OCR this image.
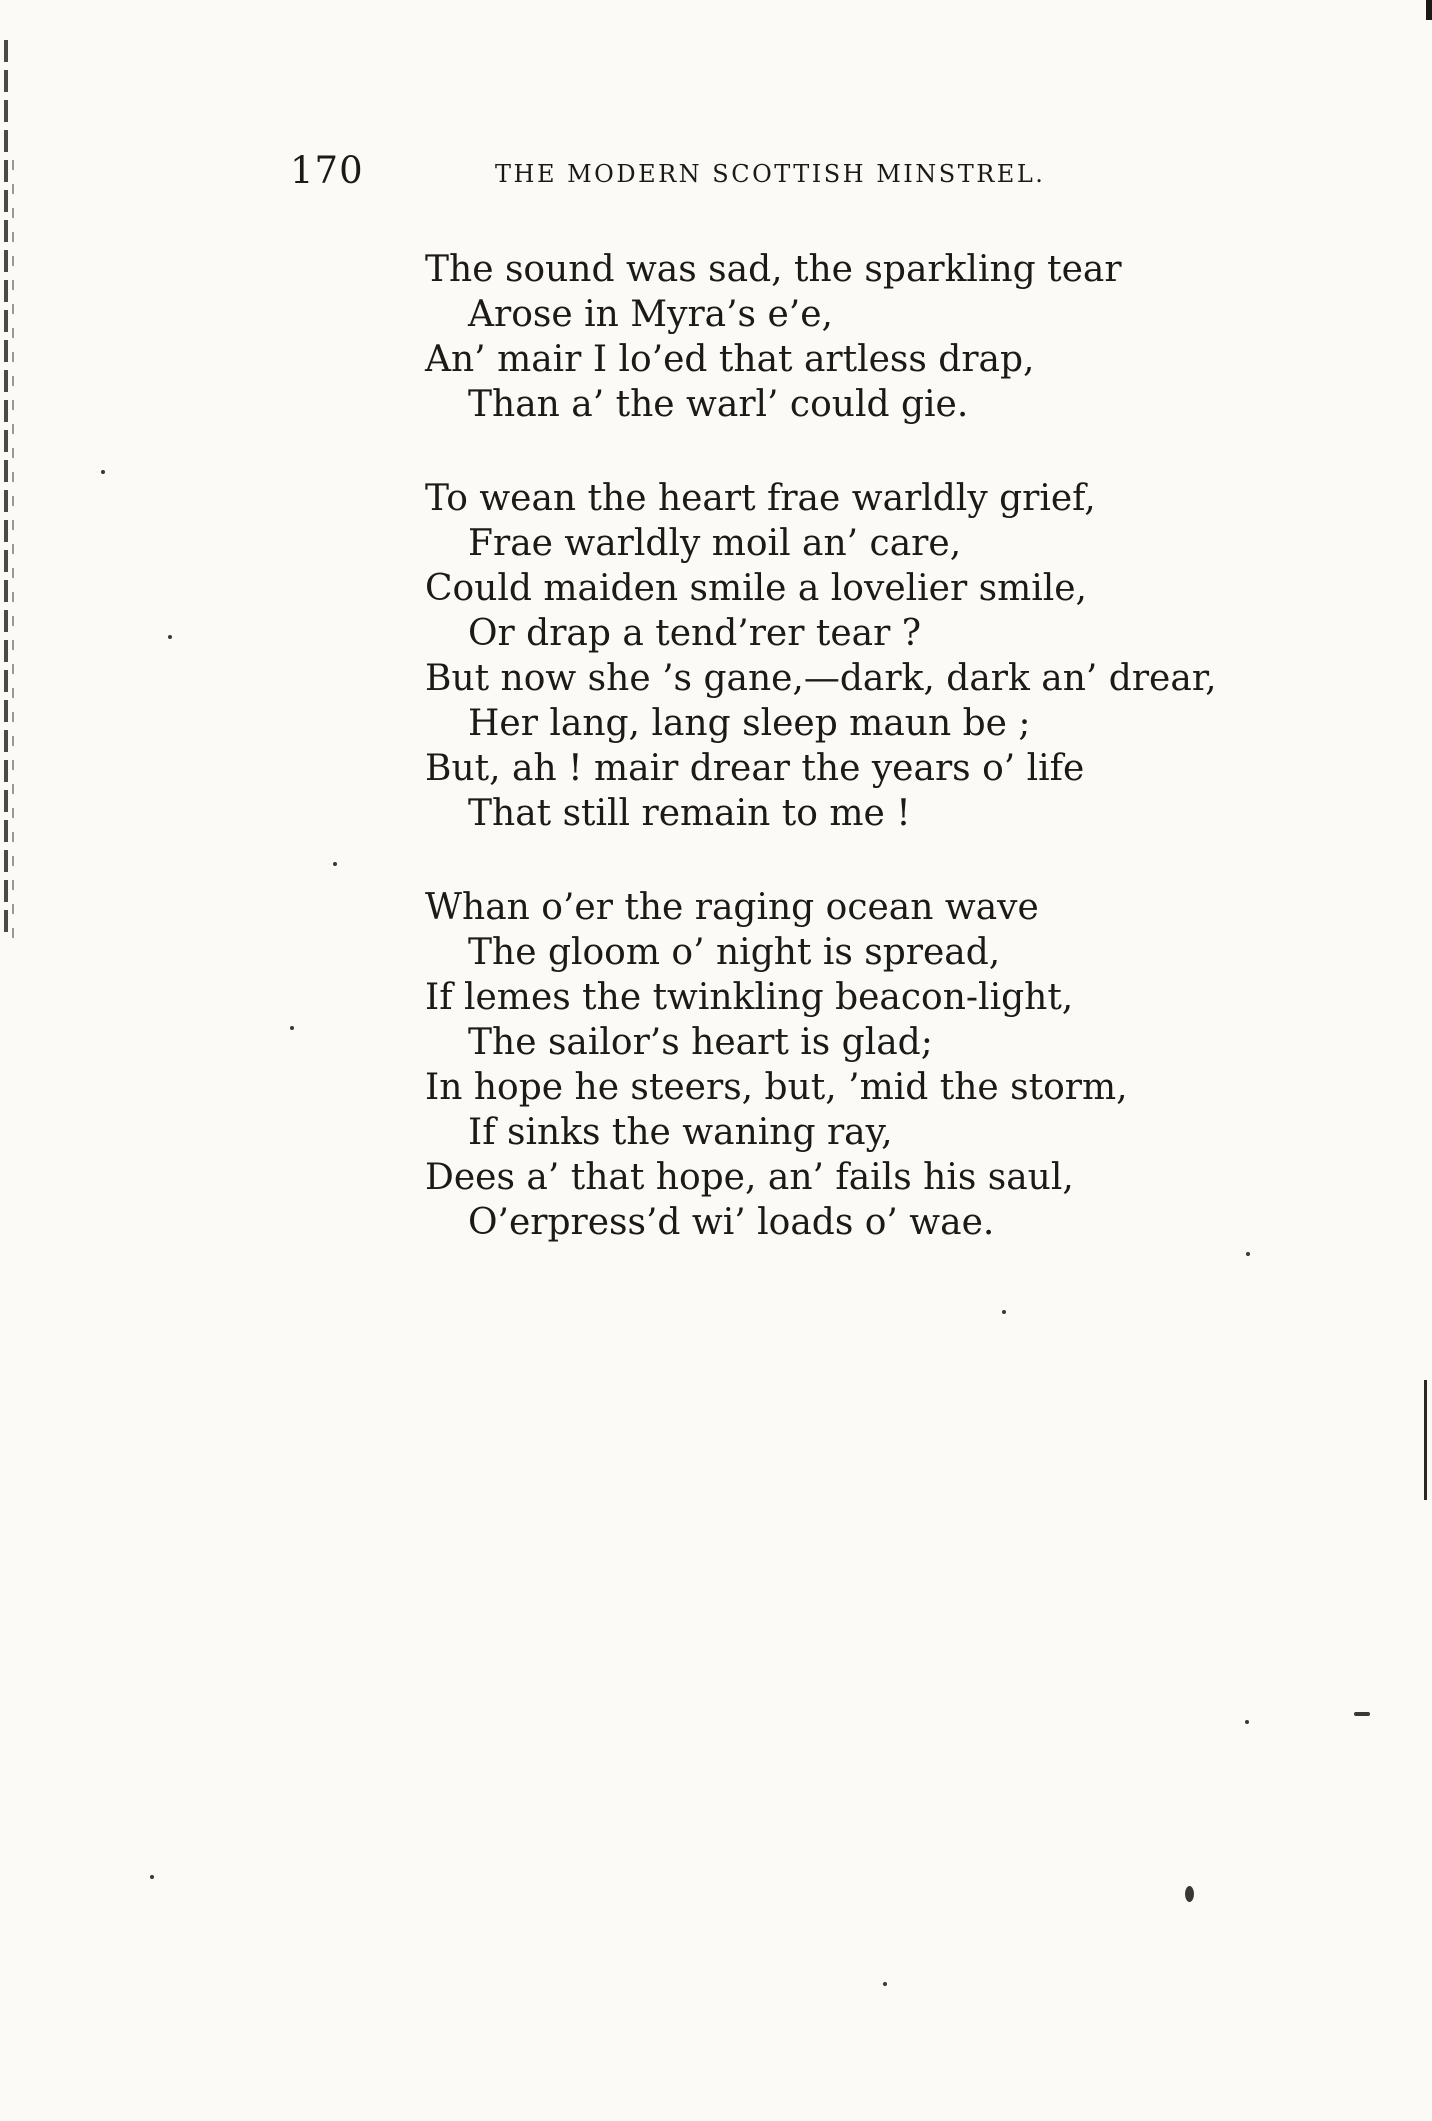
170	THE MODERN SCOTTISH MINSTREL.
The sound was sad, the sparkling tear
Arose in Myra’s e’e,
An’ mair I lo’ed that artless drap,
Than a’ the warl’ could gie.
To wean the heart frae warldly grief,
Frae warldly moil an’ care,
Could maiden smile a lovelier smile,
Or drap a tend’rer tear ?
But now she ’s gane,—dark, dark an’ drear,
Her lang, lang sleep maun be ;
But, ah ! mair drear the years o’ life
That still remain to me !
Whan o’er the raging ocean wave
The gloom o’ night is spread,
If lemes the twinkling beacon-light,
The sailor’s heart is glad;
In hope he steers, but, ’mid the storm,
If sinks the waning ray,
Dees a’ that hope, an’ fails his saul,
O’erpress’d wi’ loads o’ wae.
